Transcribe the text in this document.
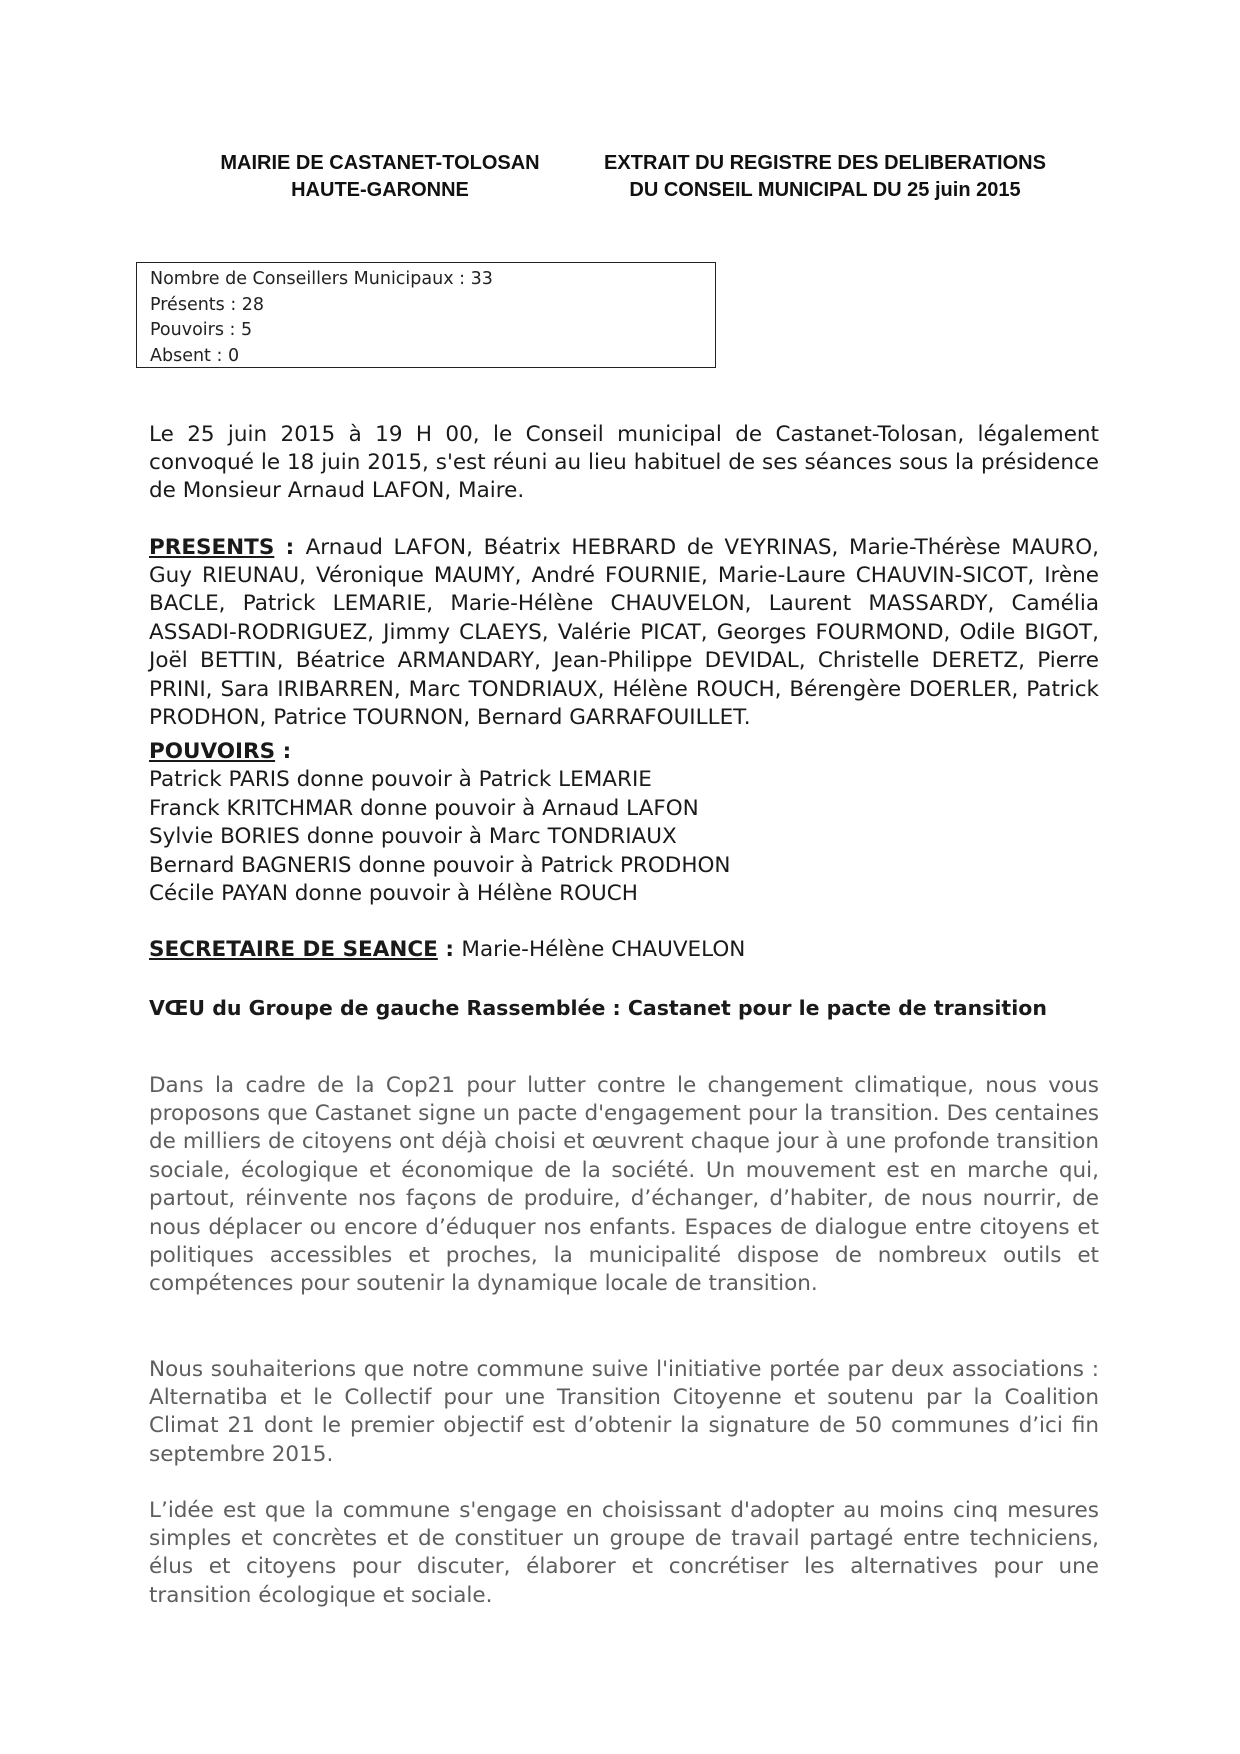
MAIRIE DE CASTANET-TOLOSAN
HAUTE-GARONNE
EXTRAIT DU REGISTRE DES DELIBERATIONS
DU CONSEIL MUNICIPAL DU 25 juin 2015
Nombre de Conseillers Municipaux : 33
Présents : 28
Pouvoirs : 5
Absent : 0

Le 25 juin 2015 à 19 H 00, le Conseil municipal de Castanet-Tolosan, légalement convoqué le 18 juin 2015, s'est réuni au lieu habituel de ses séances sous la présidence de Monsieur Arnaud LAFON, Maire.

PRESENTS : Arnaud LAFON, Béatrix HEBRARD de VEYRINAS, Marie-Thérèse MAURO, Guy RIEUNAU, Véronique MAUMY, André FOURNIE, Marie-Laure CHAUVIN-SICOT, Irène BACLE, Patrick LEMARIE, Marie-Hélène CHAUVELON, Laurent MASSARDY, Camélia ASSADI-RODRIGUEZ, Jimmy CLAEYS, Valérie PICAT, Georges FOURMOND, Odile BIGOT, Joël BETTIN, Béatrice ARMANDARY, Jean-Philippe DEVIDAL, Christelle DERETZ, Pierre PRINI, Sara IRIBARREN, Marc TONDRIAUX, Hélène ROUCH, Bérengère DOERLER, Patrick PRODHON, Patrice TOURNON, Bernard GARRAFOUILLET.

POUVOIRS :
Patrick PARIS donne pouvoir à Patrick LEMARIE
Franck KRITCHMAR donne pouvoir à Arnaud LAFON
Sylvie BORIES donne pouvoir à Marc TONDRIAUX
Bernard BAGNERIS donne pouvoir à Patrick PRODHON
Cécile PAYAN donne pouvoir à Hélène ROUCH
SECRETAIRE DE SEANCE : Marie-Hélène CHAUVELON
VŒU du Groupe de gauche Rassemblée : Castanet pour le pacte de transition

Dans la cadre de la Cop21 pour lutter contre le changement climatique, nous vous proposons que Castanet signe un pacte d'engagement pour la transition. Des centaines de milliers de citoyens ont déjà choisi et œuvrent chaque jour à une profonde transition sociale, écologique et économique de la société. Un mouvement est en marche qui, partout, réinvente nos façons de produire, d’échanger, d’habiter, de nous nourrir, de nous déplacer ou encore d’éduquer nos enfants. Espaces de dialogue entre citoyens et politiques accessibles et proches, la municipalité dispose de nombreux outils et compétences pour soutenir la dynamique locale de transition.

Nous souhaiterions que notre commune suive l'initiative portée par deux associations : Alternatiba et le Collectif pour une Transition Citoyenne et soutenu par la Coalition Climat 21 dont le premier objectif est d’obtenir la signature de 50 communes d’ici fin septembre 2015.

L’idée est que la commune s'engage en choisissant d'adopter au moins cinq mesures simples et concrètes et de constituer un groupe de travail partagé entre techniciens, élus et citoyens pour discuter, élaborer et concrétiser les alternatives pour une transition écologique et sociale.
